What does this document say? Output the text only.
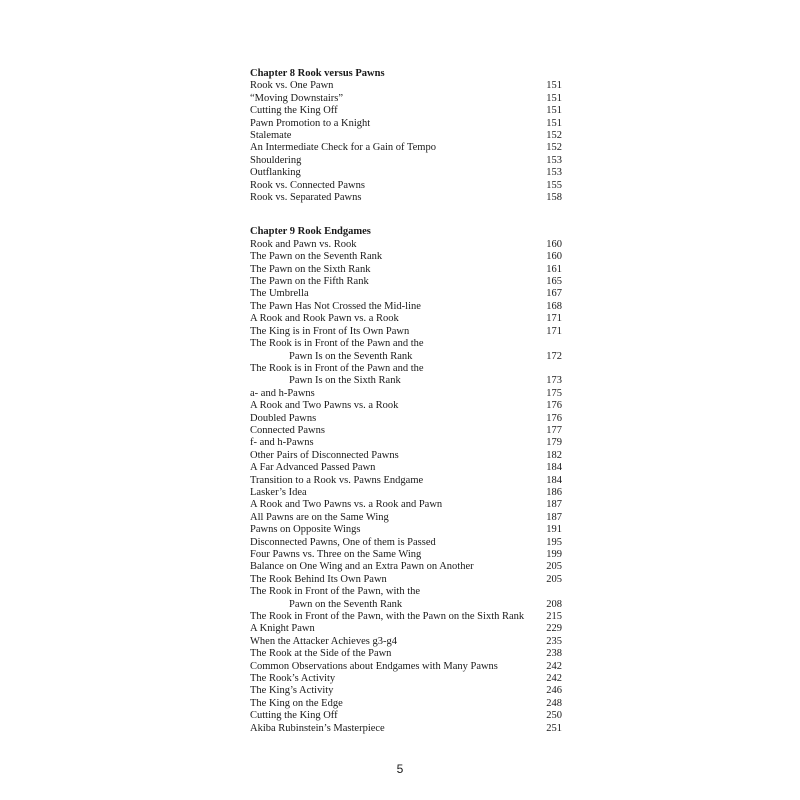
Chapter 8 Rook versus Pawns
Rook vs. One Pawn	151
“Moving Downstairs”	151
Cutting the King Off	151
Pawn Promotion to a Knight	151
Stalemate	152
An Intermediate Check for a Gain of Tempo	152
Shouldering	153
Outflanking	153
Rook vs. Connected Pawns	155
Rook vs. Separated Pawns	158
Chapter 9 Rook Endgames
Rook and Pawn vs. Rook	160
The Pawn on the Seventh Rank	160
The Pawn on the Sixth Rank	161
The Pawn on the Fifth Rank	165
The Umbrella	167
The Pawn Has Not Crossed the Mid-line	168
A Rook and Rook Pawn vs. a Rook	171
The King is in Front of Its Own Pawn	171
The Rook is in Front of the Pawn and the
Pawn Is on the Seventh Rank	172
The Rook is in Front of the Pawn and the
Pawn Is on the Sixth Rank	173
a- and h-Pawns	175
A Rook and Two Pawns vs. a Rook	176
Doubled Pawns	176
Connected Pawns	177
f- and h-Pawns	179
Other Pairs of Disconnected Pawns	182
A Far Advanced Passed Pawn	184
Transition to a Rook vs. Pawns Endgame	184
Lasker’s Idea	186
A Rook and Two Pawns vs. a Rook and Pawn	187
All Pawns are on the Same Wing	187
Pawns on Opposite Wings	191
Disconnected Pawns, One of them is Passed	195
Four Pawns vs. Three on the Same Wing	199
Balance on One Wing and an Extra Pawn on Another	205
The Rook Behind Its Own Pawn	205
The Rook in Front of the Pawn, with the
Pawn on the Seventh Rank	208
The Rook in Front of the Pawn, with the Pawn on the Sixth Rank	215
A Knight Pawn	229
When the Attacker Achieves g3-g4	235
The Rook at the Side of the Pawn	238
Common Observations about Endgames with Many Pawns	242
The Rook’s Activity	242
The King’s Activity	246
The King on the Edge	248
Cutting the King Off	250
Akiba Rubinstein’s Masterpiece	251
5
